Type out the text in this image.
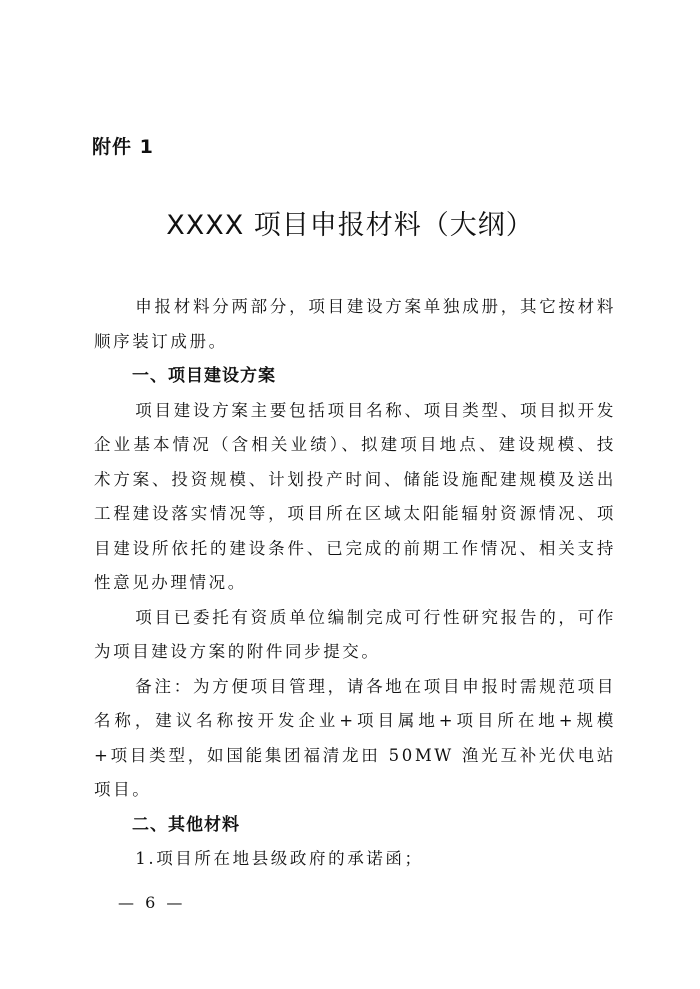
附件 1
XXXX 项目申报材料（大纲）

申报材料分两部分，项目建设方案单独成册，其它按材料顺序装订成册。

一、项目建设方案

项目建设方案主要包括项目名称、项目类型、项目拟开发企业基本情况（含相关业绩）、拟建项目地点、建设规模、技术方案、投资规模、计划投产时间、储能设施配建规模及送出工程建设落实情况等，项目所在区域太阳能辐射资源情况、项目建设所依托的建设条件、已完成的前期工作情况、相关支持性意见办理情况。

项目已委托有资质单位编制完成可行性研究报告的，可作为项目建设方案的附件同步提交。

备注：为方便项目管理，请各地在项目申报时需规范项目名称，建议名称按开发企业+项目属地+项目所在地+规模+项目类型，如国能集团福清龙田 50MW 渔光互补光伏电站项目。

二、其他材料

1.项目所在地县级政府的承诺函；

— 6 —
